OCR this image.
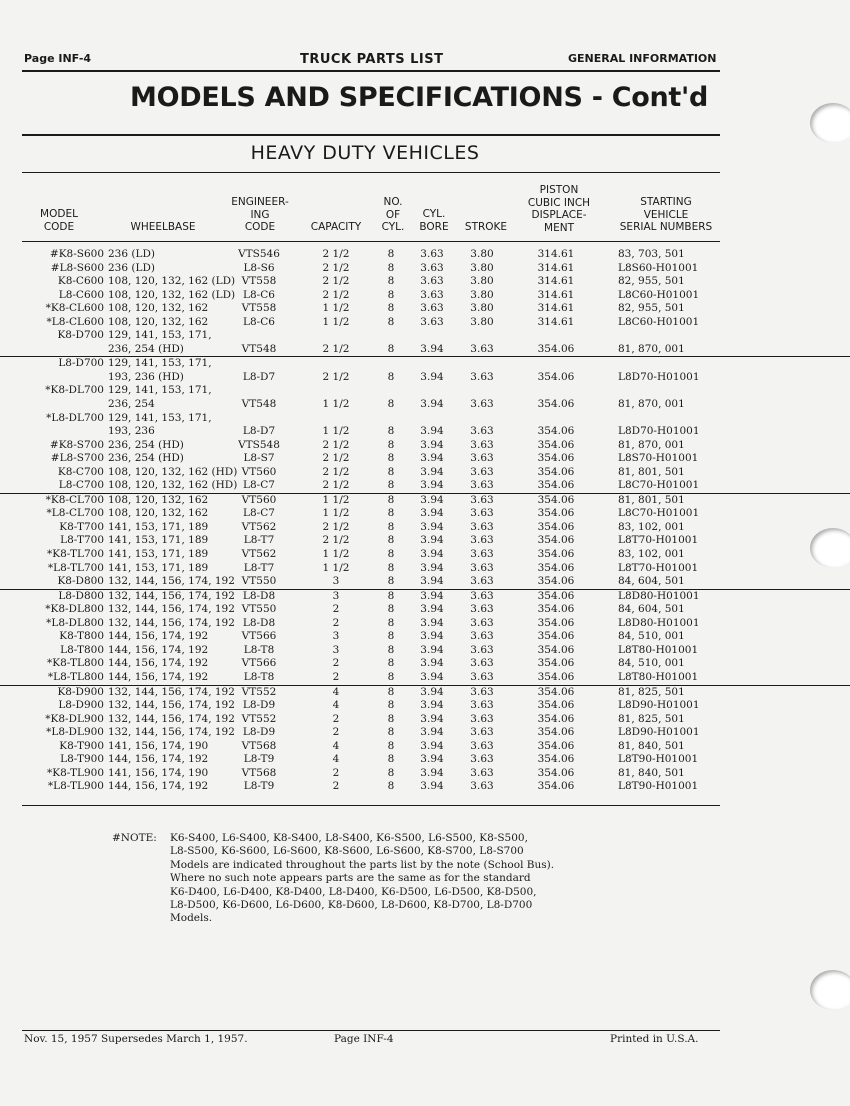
Page INF-4	TRUCK PARTS LIST	GENERAL INFORMATION
MODELS AND SPECIFICATIONS - Cont'd
HEAVY DUTY VEHICLES
MODEL
CODE	WHEELBASE
ENGINEER-
ING
CODE	CAPACITY
NO.
OF
CYL.
CYL.
BORE	STROKE
PISTON
CUBIC INCH
DISPLACE-
MENT
STARTING
VEHICLE
SERIAL NUMBERS
#K8-S600 236 (LD)	VTS546	2 1/2	8	3.63	3.80	314.61	83, 703, 501
#L8-S600 236 (LD)	L8-S6	2 1/2	8	3.63	3.80	314.61	L8S60-H01001
K8-C600 108, 120, 132, 162 (LD) VT558	2 1/2	8	3.63	3.80	314.61	82, 955, 501
L8-C600 108, 120, 132, 162 (LD) L8-C6	2 1/2	8	3.63	3.80	314.61	L8C60-H01001
*K8-CL600 108, 120, 132, 162	VT558	1 1/2	8	3.63	3.80	314.61	82, 955, 501
*L8-CL600 108, 120, 132, 162	L8-C6	1 1/2	8	3.63	3.80	314.61	L8C60-H01001
K8-D700 129, 141, 153, 171,
236, 254 (HD)	VT548	2 1/2	8	3.94	3.63	354.06	81, 870, 001
L8-D700 129, 141, 153, 171,
193, 236 (HD)	L8-D7	2 1/2	8	3.94	3.63	354.06	L8D70-H01001
*K8-DL700 129, 141, 153, 171,
236, 254	VT548	1 1/2	8	3.94	3.63	354.06	81, 870, 001
*L8-DL700 129, 141, 153, 171,
193, 236	L8-D7	1 1/2	8	3.94	3.63	354.06	L8D70-H01001
#K8-S700 236, 254 (HD)	VTS548	2 1/2	8	3.94	3.63	354.06	81, 870, 001
#L8-S700 236, 254 (HD)	L8-S7	2 1/2	8	3.94	3.63	354.06	L8S70-H01001
K8-C700 108, 120, 132, 162 (HD) VT560	2 1/2	8	3.94	3.63	354.06	81, 801, 501
L8-C700 108, 120, 132, 162 (HD) L8-C7	2 1/2	8	3.94	3.63	354.06	L8C70-H01001
*K8-CL700 108, 120, 132, 162	VT560	1 1/2	8	3.94	3.63	354.06	81, 801, 501
*L8-CL700 108, 120, 132, 162	L8-C7	1 1/2	8	3.94	3.63	354.06	L8C70-H01001
K8-T700 141, 153, 171, 189	VT562	2 1/2	8	3.94	3.63	354.06	83, 102, 001
L8-T700 141, 153, 171, 189	L8-T7	2 1/2	8	3.94	3.63	354.06	L8T70-H01001
*K8-TL700 141, 153, 171, 189	VT562	1 1/2	8	3.94	3.63	354.06	83, 102, 001
*L8-TL700 141, 153, 171, 189	L8-T7	1 1/2	8	3.94	3.63	354.06	L8T70-H01001
K8-D800 132, 144, 156, 174, 192 VT550	3	8	3.94	3.63	354.06	84, 604, 501
L8-D800 132, 144, 156, 174, 192 L8-D8	3	8	3.94	3.63	354.06	L8D80-H01001
*K8-DL800 132, 144, 156, 174, 192 VT550	2	8	3.94	3.63	354.06	84, 604, 501
*L8-DL800 132, 144, 156, 174, 192 L8-D8	2	8	3.94	3.63	354.06	L8D80-H01001
K8-T800 144, 156, 174, 192	VT566	3	8	3.94	3.63	354.06	84, 510, 001
L8-T800 144, 156, 174, 192	L8-T8	3	8	3.94	3.63	354.06	L8T80-H01001
*K8-TL800 144, 156, 174, 192	VT566	2	8	3.94	3.63	354.06	84, 510, 001
*L8-TL800 144, 156, 174, 192	L8-T8	2	8	3.94	3.63	354.06	L8T80-H01001
K8-D900 132, 144, 156, 174, 192 VT552	4	8	3.94	3.63	354.06	81, 825, 501
L8-D900 132, 144, 156, 174, 192 L8-D9	4	8	3.94	3.63	354.06	L8D90-H01001
*K8-DL900 132, 144, 156, 174, 192 VT552	2	8	3.94	3.63	354.06	81, 825, 501
*L8-DL900 132, 144, 156, 174, 192 L8-D9	2	8	3.94	3.63	354.06	L8D90-H01001
K8-T900 141, 156, 174, 190	VT568	4	8	3.94	3.63	354.06	81, 840, 501
L8-T900 144, 156, 174, 192	L8-T9	4	8	3.94	3.63	354.06	L8T90-H01001
*K8-TL900 141, 156, 174, 190	VT568	2	8	3.94	3.63	354.06	81, 840, 501
*L8-TL900 144, 156, 174, 192	L8-T9	2	8	3.94	3.63	354.06	L8T90-H01001
#NOTE: K6-S400, L6-S400, K8-S400, L8-S400, K6-S500, L6-S500, K8-S500,
L8-S500, K6-S600, L6-S600, K8-S600, L6-S600, K8-S700, L8-S700
Models are indicated throughout the parts list by the note (School Bus).
Where no such note appears parts are the same as for the standard
K6-D400, L6-D400, K8-D400, L8-D400, K6-D500, L6-D500, K8-D500,
L8-D500, K6-D600, L6-D600, K8-D600, L8-D600, K8-D700, L8-D700
Models.
Nov. 15, 1957 Supersedes March 1, 1957.	Page INF-4	Printed in U.S.A.
